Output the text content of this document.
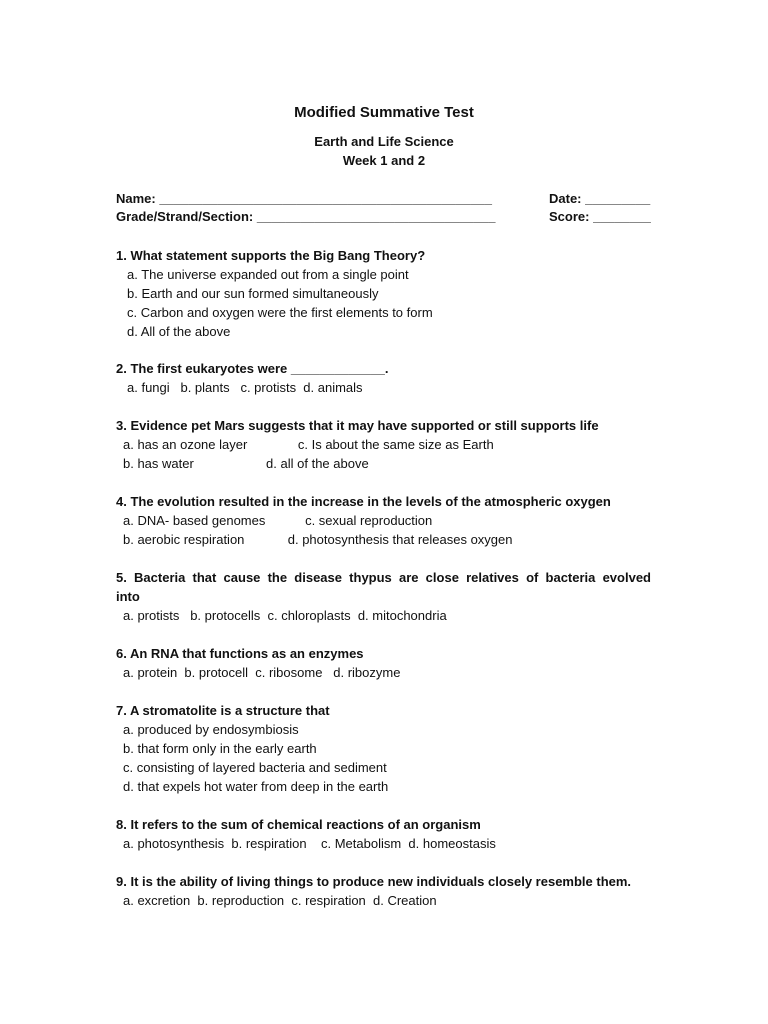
Modified Summative Test
Earth and Life Science
Week 1 and 2
Name: ______________________________________________	Date: _________
Grade/Strand/Section: _________________________________	Score: ________
1. What statement supports the Big Bang Theory?
a. The universe expanded out from a single point
b. Earth and our sun formed simultaneously
c. Carbon and oxygen were the first elements to form
d. All of the above
2. The first eukaryotes were _____________.
a. fungi   b. plants   c. protists  d. animals
3. Evidence pet Mars suggests that it may have supported or still supports life
a. has an ozone layer              c. Is about the same size as Earth
b. has water                    d. all of the above
4. The evolution resulted in the increase in the levels of the atmospheric oxygen
a. DNA- based genomes           c. sexual reproduction
b. aerobic respiration            d. photosynthesis that releases oxygen
5. Bacteria that cause the disease thypus are close relatives of bacteria evolved
into
a. protists   b. protocells  c. chloroplasts  d. mitochondria
6. An RNA that functions as an enzymes
a. protein  b. protocell  c. ribosome   d. ribozyme
7. A stromatolite is a structure that
a. produced by endosymbiosis
b. that form only in the early earth
c. consisting of layered bacteria and sediment
d. that expels hot water from deep in the earth
8. It refers to the sum of chemical reactions of an organism
a. photosynthesis  b. respiration    c. Metabolism  d. homeostasis
9. It is the ability of living things to produce new individuals closely resemble them.
a. excretion  b. reproduction  c. respiration  d. Creation
